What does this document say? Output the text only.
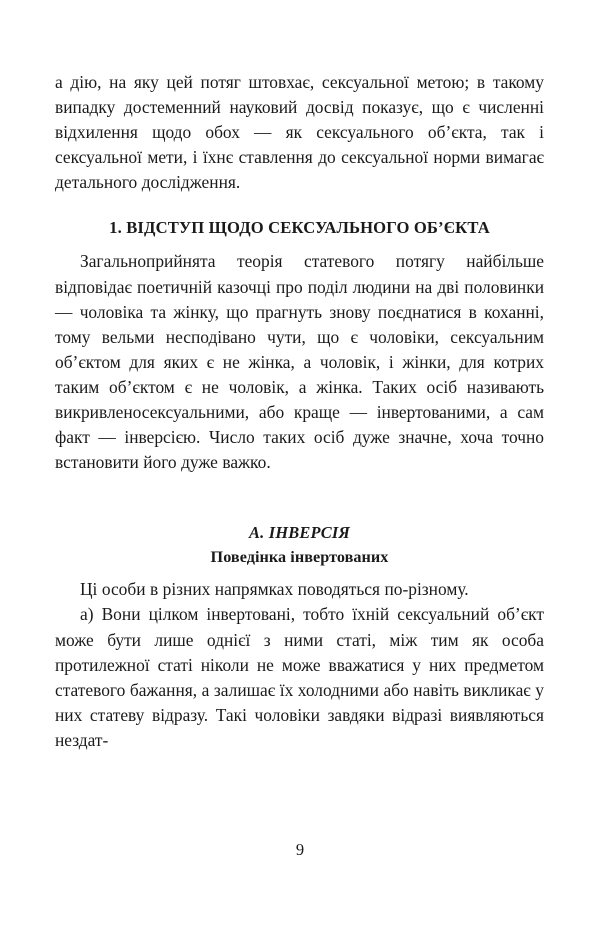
а дію, на яку цей потяг штовхає, сексуальної метою; в такому випадку достеменний науковий досвід показує, що є численні відхилення щодо обох — як сексуального об’єкта, так і сексуальної мети, і їхнє ставлення до сексуальної норми вимагає детального дослідження.

1. ВІДСТУП ЩОДО СЕКСУАЛЬНОГО ОБ’ЄКТА

Загальноприйнята теорія статевого потягу найбільше відповідає поетичній казочці про поділ людини на дві половинки — чоловіка та жінку, що прагнуть знову поєднатися в коханні, тому вельми несподівано чути, що є чоловіки, сексуальним об’єктом для яких є не жінка, а чоловік, і жінки, для котрих таким об’єктом є не чоловік, а жінка. Таких осіб називають викривленосексуальними, або краще — інвертованими, а сам факт — інверсією. Число таких осіб дуже значне, хоча точно встановити його дуже важко.

А. ІНВЕРСІЯ
Поведінка інвертованих

Ці особи в різних напрямках поводяться по-різному.

а) Вони цілком інвертовані, тобто їхній сексуальний об’єкт може бути лише однієї з ними статі, між тим як особа протилежної статі ніколи не може вважатися у них предметом статевого бажання, а залишає їх холодними або навіть викликає у них статеву відразу. Такі чоловіки завдяки відразі виявляються нездат-

9
